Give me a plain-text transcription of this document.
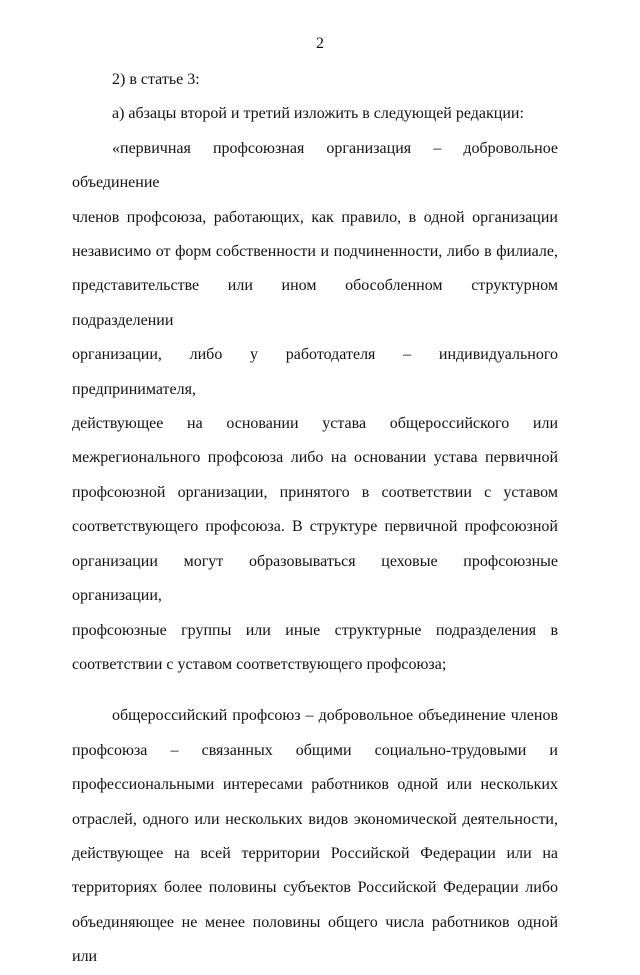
2

2) в статье 3:

а) абзацы второй и третий изложить в следующей редакции:

«первичная профсоюзная организация – добровольное объединение
членов профсоюза, работающих, как правило, в одной организации
независимо от форм собственности и подчиненности, либо в филиале,
представительстве или ином обособленном структурном подразделении
организации, либо у работодателя – индивидуального предпринимателя,
действующее на основании устава общероссийского или
межрегионального профсоюза либо на основании устава первичной
профсоюзной организации, принятого в соответствии с уставом
соответствующего профсоюза. В структуре первичной профсоюзной
организации могут образовываться цеховые профсоюзные организации,
профсоюзные группы или иные структурные подразделения в
соответствии с уставом соответствующего профсоюза;
общероссийский профсоюз – добровольное объединение членов
профсоюза – связанных общими социально-трудовыми и
профессиональными интересами работников одной или нескольких
отраслей, одного или нескольких видов экономической деятельности,
действующее на всей территории Российской Федерации или на
территориях более половины субъектов Российской Федерации либо
объединяющее не менее половины общего числа работников одной или
